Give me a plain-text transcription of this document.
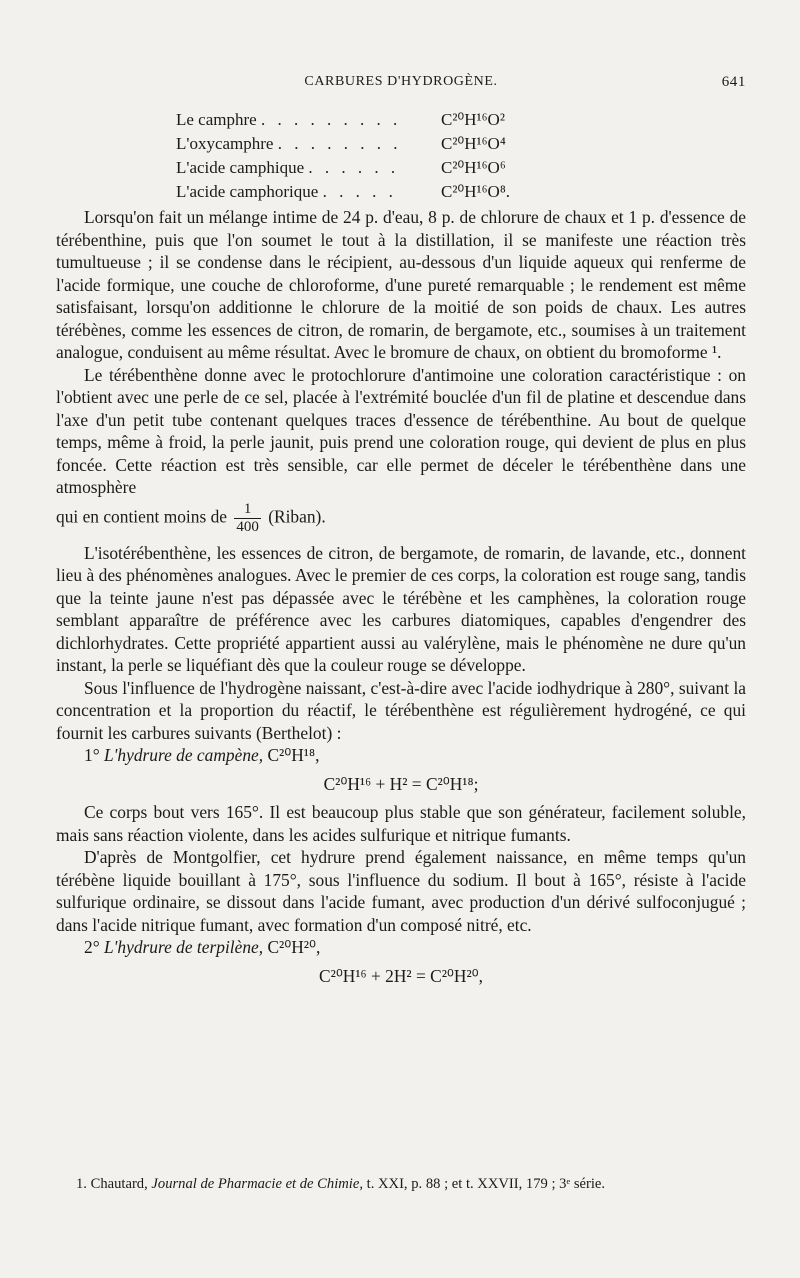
CARBURES D'HYDROGÈNE.	641
Le camphre . . . . . . . . .	C²⁰H¹⁶O²
L'oxycamphre . . . . . . . .	C²⁰H¹⁶O⁴
L'acide camphique . . . . . .	C²⁰H¹⁶O⁶
L'acide camphorique . . . . .	C²⁰H¹⁶O⁸.

Lorsqu'on fait un mélange intime de 24 p. d'eau, 8 p. de chlorure de chaux et 1 p. d'essence de térébenthine, puis que l'on soumet le tout à la distillation, il se manifeste une réaction très tumultueuse ; il se condense dans le récipient, au-dessous d'un liquide aqueux qui renferme de l'acide formique, une couche de chloroforme, d'une pureté remarquable ; le rendement est même satisfaisant, lorsqu'on additionne le chlorure de la moitié de son poids de chaux. Les autres térébènes, comme les essences de citron, de romarin, de bergamote, etc., soumises à un traitement analogue, conduisent au même résultat. Avec le bromure de chaux, on obtient du bromoforme ¹.

Le térébenthène donne avec le protochlorure d'antimoine une coloration caractéristique : on l'obtient avec une perle de ce sel, placée à l'extrémité bouclée d'un fil de platine et descendue dans l'axe d'un petit tube contenant quelques traces d'essence de térébenthine. Au bout de quelque temps, même à froid, la perle jaunit, puis prend une coloration rouge, qui devient de plus en plus foncée. Cette réaction est très sensible, car elle permet de déceler le térébenthène dans une atmosphère

qui en contient moins de $\frac{1}{400}$ (Riban).

L'isotérébenthène, les essences de citron, de bergamote, de romarin, de lavande, etc., donnent lieu à des phénomènes analogues. Avec le premier de ces corps, la coloration est rouge sang, tandis que la teinte jaune n'est pas dépassée avec le térébène et les camphènes, la coloration rouge semblant apparaître de préférence avec les carbures diatomiques, capables d'engendrer des dichlorhydrates. Cette propriété appartient aussi au valérylène, mais le phénomène ne dure qu'un instant, la perle se liquéfiant dès que la couleur rouge se développe.

Sous l'influence de l'hydrogène naissant, c'est-à-dire avec l'acide iodhydrique à 280°, suivant la concentration et la proportion du réactif, le térébenthène est régulièrement hydrogéné, ce qui fournit les carbures suivants (Berthelot) :

1° L'hydrure de campène, C²⁰H¹⁸,

C²⁰H¹⁶ + H² = C²⁰H¹⁸;

Ce corps bout vers 165°. Il est beaucoup plus stable que son générateur, facilement soluble, mais sans réaction violente, dans les acides sulfurique et nitrique fumants.

D'après de Montgolfier, cet hydrure prend également naissance, en même temps qu'un térébène liquide bouillant à 175°, sous l'influence du sodium. Il bout à 165°, résiste à l'acide sulfurique ordinaire, se dissout dans l'acide fumant, avec production d'un dérivé sulfoconjugué ; dans l'acide nitrique fumant, avec formation d'un composé nitré, etc.

2° L'hydrure de terpilène, C²⁰H²⁰,

C²⁰H¹⁶ + 2H² = C²⁰H²⁰,

1. Chautard, Journal de Pharmacie et de Chimie, t. XXI, p. 88 ; et t. XXVII, 179 ; 3ᵉ série.
